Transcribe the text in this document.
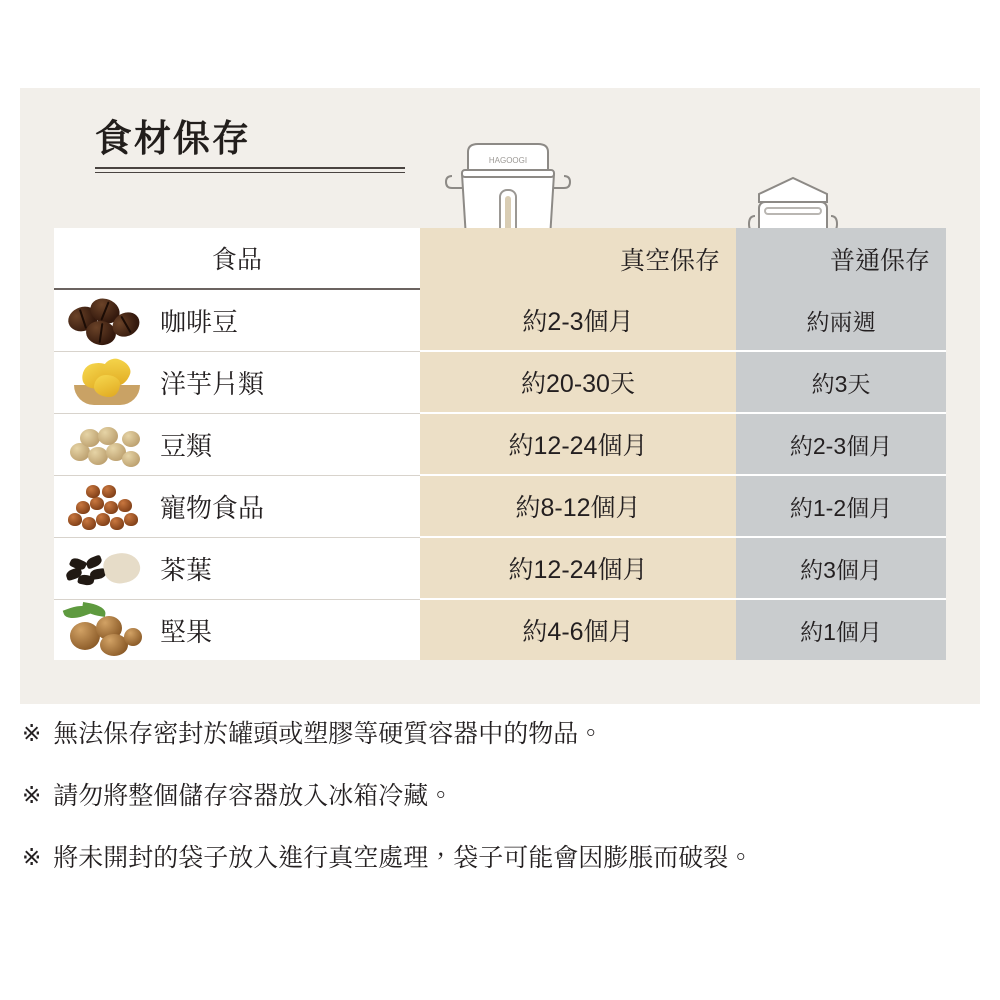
食材保存
HAGOOGI
食品	真空保存	普通保存

咖啡豆	約2-3個月	約兩週

洋芋片類	約20-30天	約3天

豆類	約12-24個月	約2-3個月

寵物食品	約8-12個月	約1-2個月

茶葉	約12-24個月	約3個月

堅果	約4-6個月	約1個月
※ 無法保存密封於罐頭或塑膠等硬質容器中的物品。
※ 請勿將整個儲存容器放入冰箱冷藏。
※ 將未開封的袋子放入進行真空處理，袋子可能會因膨脹而破裂。
